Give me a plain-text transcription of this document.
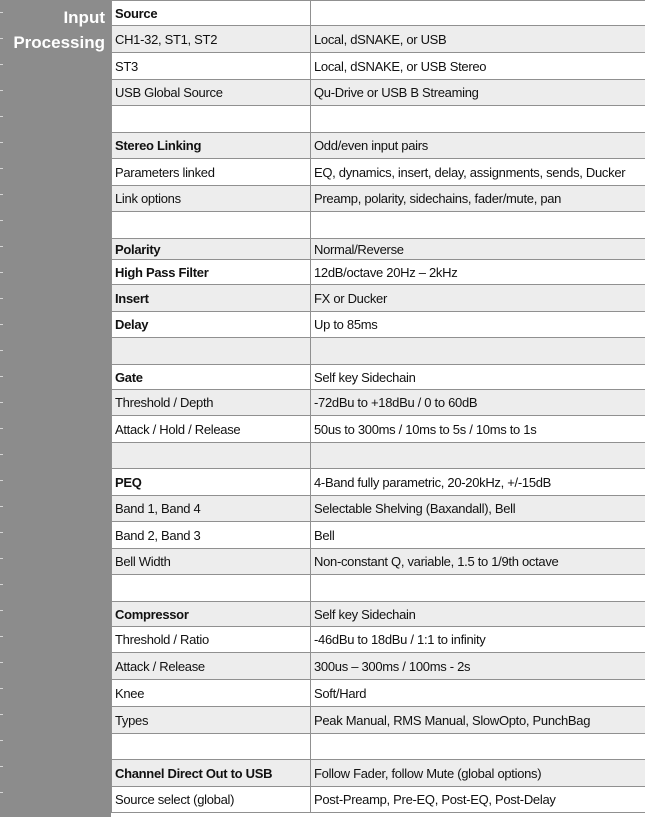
Input
Processing
Source
CH1-32, ST1, ST2	Local, dSNAKE, or USB
ST3	Local, dSNAKE, or USB Stereo
USB Global Source	Qu-Drive or USB B Streaming
Stereo Linking	Odd/even input pairs
Parameters linked	EQ, dynamics, insert, delay, assignments, sends, Ducker
Link options	Preamp, polarity, sidechains, fader/mute, pan
Polarity	Normal/Reverse
High Pass Filter	12dB/octave 20Hz – 2kHz
Insert	FX or Ducker
Delay	Up to 85ms
Gate	Self key Sidechain
Threshold / Depth	-72dBu to +18dBu / 0 to 60dB
Attack / Hold / Release	50us to 300ms / 10ms to 5s / 10ms to 1s
PEQ	4-Band fully parametric, 20-20kHz, +/-15dB
Band 1, Band 4	Selectable Shelving (Baxandall), Bell
Band 2, Band 3	Bell
Bell Width	Non-constant Q, variable, 1.5 to 1/9th octave
Compressor	Self key Sidechain
Threshold / Ratio	-46dBu to 18dBu / 1:1 to infinity
Attack / Release	300us – 300ms / 100ms - 2s
Knee	Soft/Hard
Types	Peak Manual, RMS Manual, SlowOpto, PunchBag
Channel Direct Out to USB	Follow Fader, follow Mute (global options)
Source select (global)	Post-Preamp, Pre-EQ, Post-EQ, Post-Delay
